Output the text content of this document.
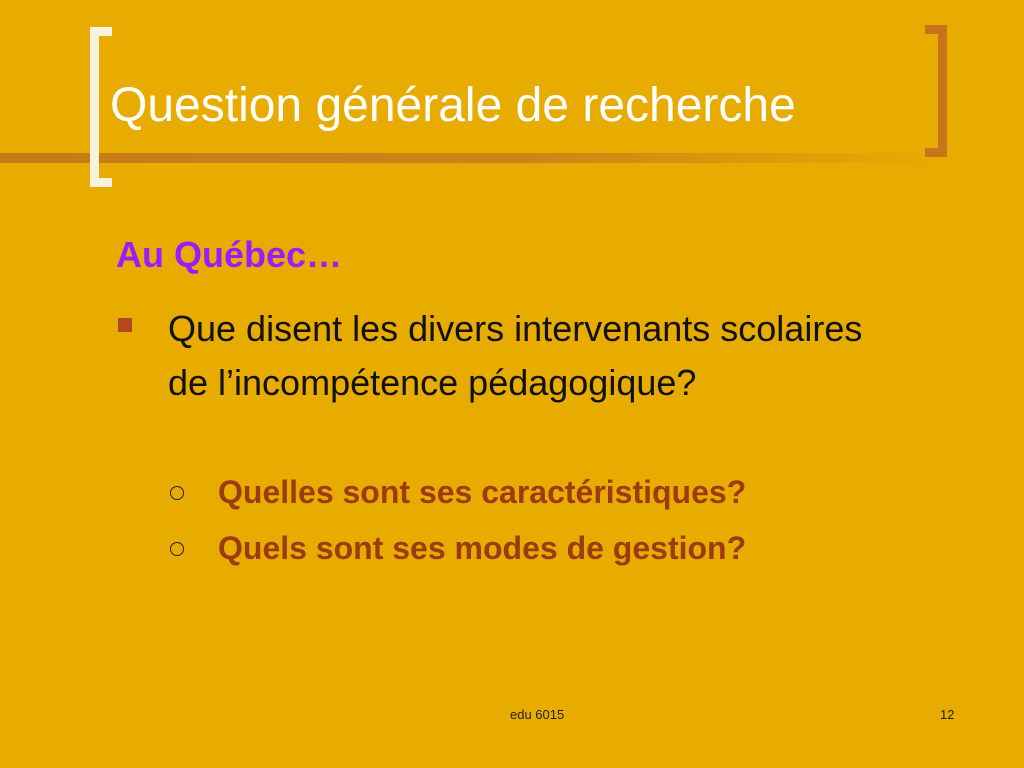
Question générale de recherche
Au Québec…
Que disent les divers intervenants scolaires de l’incompétence pédagogique?
Quelles sont ses caractéristiques?
Quels sont ses modes de gestion?
edu 6015	12
